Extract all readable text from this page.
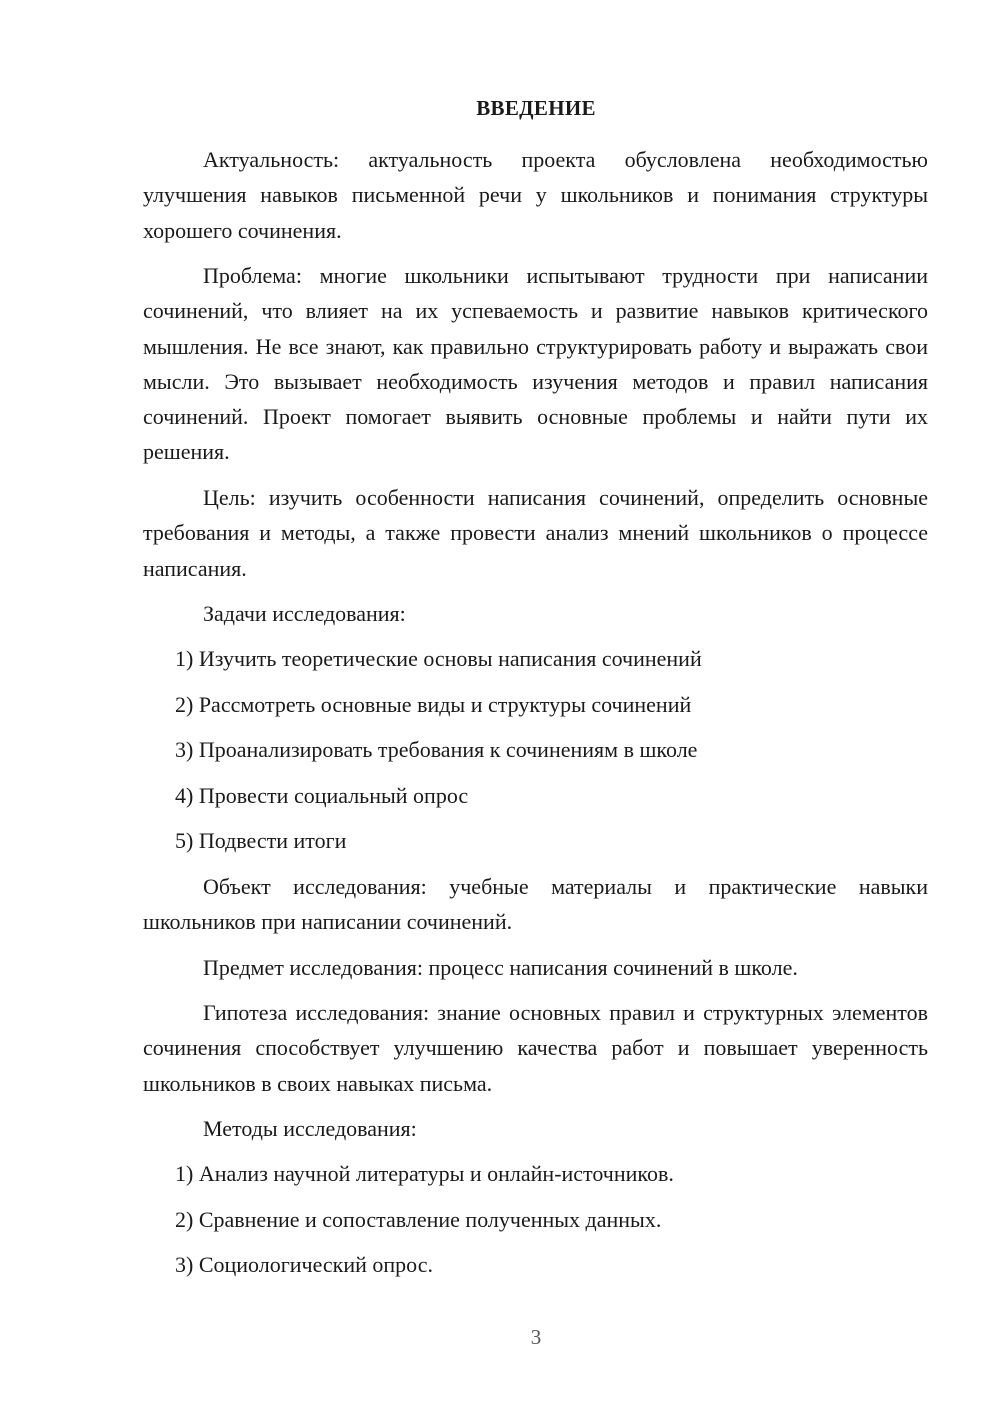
ВВЕДЕНИЕ

Актуальность: актуальность проекта обусловлена необходимостью улучшения навыков письменной речи у школьников и понимания структуры хорошего сочинения.

Проблема: многие школьники испытывают трудности при написании сочинений, что влияет на их успеваемость и развитие навыков критического мышления. Не все знают, как правильно структурировать работу и выражать свои мысли. Это вызывает необходимость изучения методов и правил написания сочинений. Проект помогает выявить основные проблемы и найти пути их решения.

Цель: изучить особенности написания сочинений, определить основные требования и методы, а также провести анализ мнений школьников о процессе написания.

Задачи исследования:

1) Изучить теоретические основы написания сочинений

2) Рассмотреть основные виды и структуры сочинений

3) Проанализировать требования к сочинениям в школе

4) Провести социальный опрос

5) Подвести итоги

Объект исследования: учебные материалы и практические навыки школьников при написании сочинений.

Предмет исследования: процесс написания сочинений в школе.

Гипотеза исследования: знание основных правил и структурных элементов сочинения способствует улучшению качества работ и повышает уверенность школьников в своих навыках письма.

Методы исследования:

1) Анализ научной литературы и онлайн-источников.

2) Сравнение и сопоставление полученных данных.

3) Социологический опрос.

3
